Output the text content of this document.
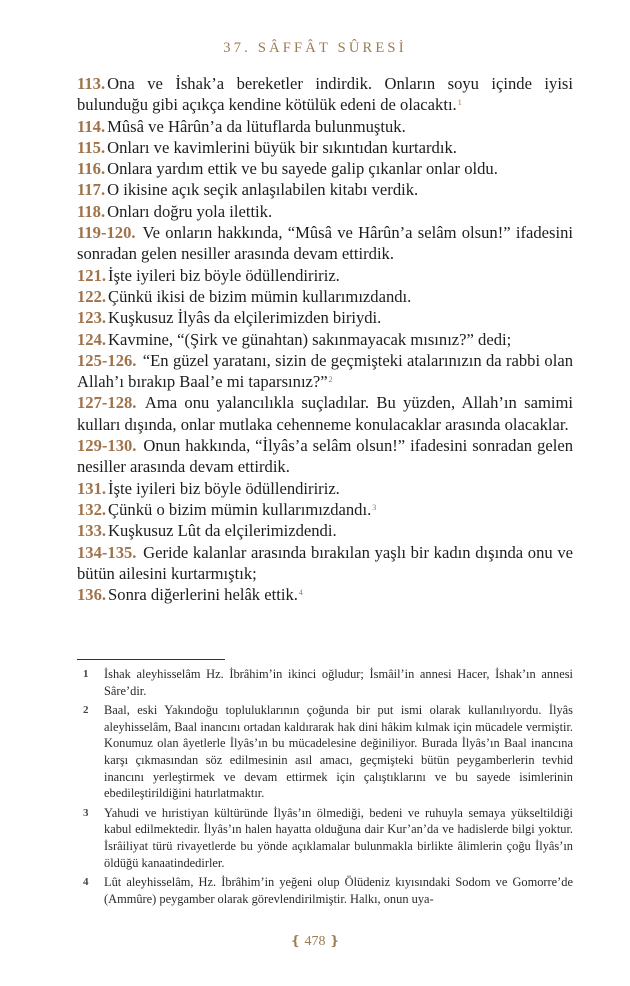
37. SÂFFÂT SÛRESİ
113. Ona ve İshak’a bereketler indirdik. Onların soyu içinde iyisi bulunduğu gibi açıkça kendine kötülük edeni de olacaktı.$^1$
114. Mûsâ ve Hârûn’a da lütuflarda bulunmuştuk.
115. Onları ve kavimlerini büyük bir sıkıntıdan kurtardık.
116. Onlara yardım ettik ve bu sayede galip çıkanlar onlar oldu.
117. O ikisine açık seçik anlaşılabilen kitabı verdik.
118. Onları doğru yola ilettik.
119-120. Ve onların hakkında, “Mûsâ ve Hârûn’a selâm olsun!” ifadesini sonradan gelen nesiller arasında devam ettirdik.
121. İşte iyileri biz böyle ödüllendiririz.
122. Çünkü ikisi de bizim mümin kullarımızdandı.
123. Kuşkusuz İlyâs da elçilerimizden biriydi.
124. Kavmine, “(Şirk ve günahtan) sakınmayacak mısınız?” dedi;
125-126. “En güzel yaratanı, sizin de geçmişteki atalarınızın da rabbi olan Allah’ı bırakıp Baal’e mi taparsınız?”$^2$
127-128. Ama onu yalancılıkla suçladılar. Bu yüzden, Allah’ın samimi kulları dışında, onlar mutlaka cehenneme konulacaklar arasında olacaklar.
129-130. Onun hakkında, “İlyâs’a selâm olsun!” ifadesini sonradan gelen nesiller arasında devam ettirdik.
131. İşte iyileri biz böyle ödüllendiririz.
132. Çünkü o bizim mümin kullarımızdandı.$^3$
133. Kuşkusuz Lût da elçilerimizdendi.
134-135. Geride kalanlar arasında bırakılan yaşlı bir kadın dışında onu ve bütün ailesini kurtarmıştık;
136. Sonra diğerlerini helâk ettik.$^4$
1	İshak aleyhisselâm Hz. İbrâhim’in ikinci oğludur; İsmâil’in annesi Hacer, İshak’ın annesi Sâre’dir.
2	Baal, eski Yakındoğu topluluklarının çoğunda bir put ismi olarak kullanılıyordu. İlyâs aleyhisselâm, Baal inancını ortadan kaldırarak hak dini hâkim kılmak için mücadele vermiştir. Konumuz olan âyetlerle İlyâs’ın bu mücadelesine değiniliyor. Burada İlyâs’ın Baal inancına karşı çıkmasından söz edilmesinin asıl amacı, geçmişteki bütün peygamberlerin tevhid inancını yerleştirmek ve devam ettirmek için çalıştıklarını ve bu sayede isimlerinin ebedileştirildiğini hatırlatmaktır.
3	Yahudi ve hıristiyan kültüründe İlyâs’ın ölmediği, bedeni ve ruhuyla semaya yükseltildiği kabul edilmektedir. İlyâs’ın halen hayatta olduğuna dair Kur’an’da ve hadislerde bilgi yoktur. İsrâiliyat türü rivayetlerde bu yönde açıklamalar bulunmakla birlikte âlimlerin çoğu İlyâs’ın öldüğü kanaatindedirler.
4	Lût aleyhisselâm, Hz. İbrâhim’in yeğeni olup Ölüdeniz kıyısındaki Sodom ve Gomorre’de (Ammûre) peygamber olarak görevlendirilmiştir. Halkı, onun uya-
❴ 478 ❵
